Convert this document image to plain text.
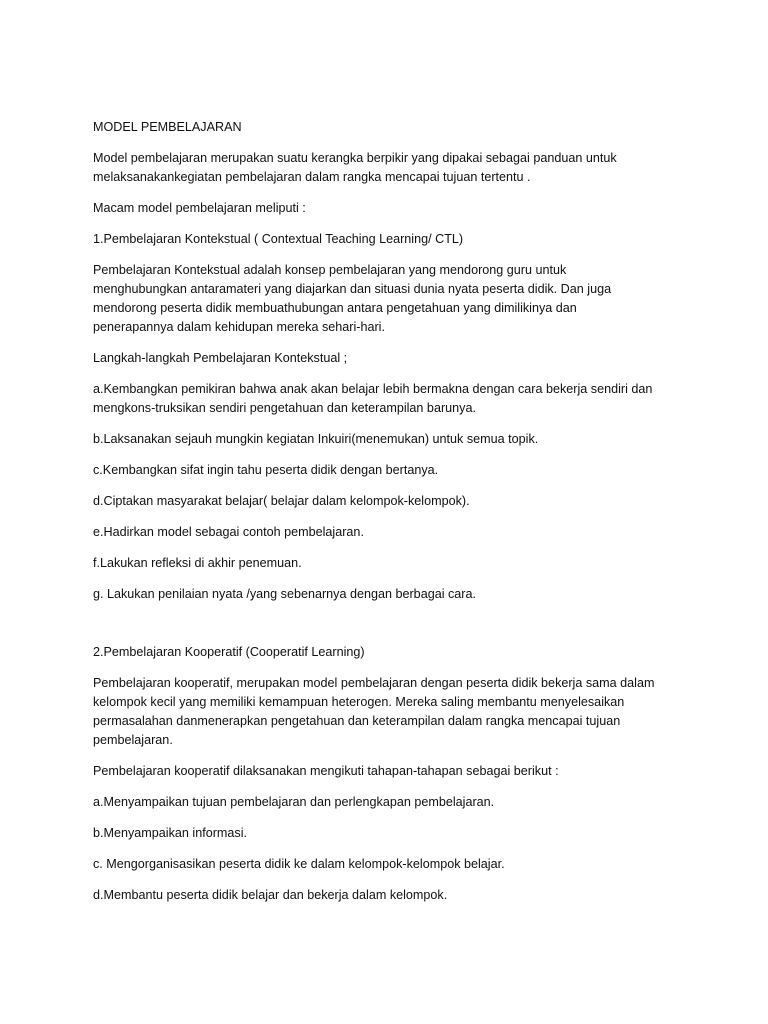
MODEL PEMBELAJARAN

Model pembelajaran merupakan suatu kerangka berpikir yang dipakai sebagai panduan untuk
melaksanakankegiatan pembelajaran dalam rangka mencapai tujuan tertentu .

Macam model pembelajaran meliputi :

1.Pembelajaran Kontekstual ( Contextual Teaching Learning/ CTL)

Pembelajaran Kontekstual adalah konsep pembelajaran yang mendorong guru untuk
menghubungkan antaramateri yang diajarkan dan situasi dunia nyata peserta didik. Dan juga
mendorong peserta didik membuathubungan antara pengetahuan yang dimilikinya dan
penerapannya dalam kehidupan mereka sehari-hari.

Langkah-langkah Pembelajaran Kontekstual ;

a.Kembangkan pemikiran bahwa anak akan belajar lebih bermakna dengan cara bekerja sendiri dan
mengkons-truksikan sendiri pengetahuan dan keterampilan barunya.

b.Laksanakan sejauh mungkin kegiatan Inkuiri(menemukan) untuk semua topik.

c.Kembangkan sifat ingin tahu peserta didik dengan bertanya.

d.Ciptakan masyarakat belajar( belajar dalam kelompok-kelompok).

e.Hadirkan model sebagai contoh pembelajaran.

f.Lakukan refleksi di akhir penemuan.

g. Lakukan penilaian nyata /yang sebenarnya dengan berbagai cara.

2.Pembelajaran Kooperatif (Cooperatif Learning)

Pembelajaran kooperatif, merupakan model pembelajaran dengan peserta didik bekerja sama dalam
kelompok kecil yang memiliki kemampuan heterogen. Mereka saling membantu menyelesaikan
permasalahan danmenerapkan pengetahuan dan keterampilan dalam rangka mencapai tujuan
pembelajaran.

Pembelajaran kooperatif dilaksanakan mengikuti tahapan-tahapan sebagai berikut :

a.Menyampaikan tujuan pembelajaran dan perlengkapan pembelajaran.

b.Menyampaikan informasi.

c. Mengorganisasikan peserta didik ke dalam kelompok-kelompok belajar.

d.Membantu peserta didik belajar dan bekerja dalam kelompok.
